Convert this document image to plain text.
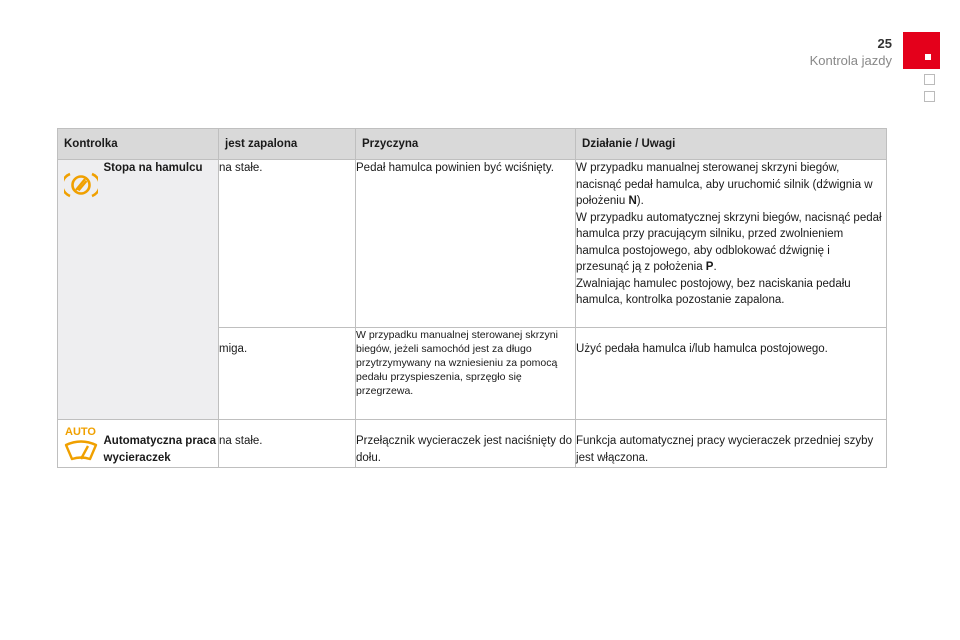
25
Kontrola jazdy
Kontrolka		jest zapalona	Przyczyna	Działanie / Uwagi

	Stopa na hamulcu	na stałe.	Pedał hamulca powinien być wciśnięty.	W przypadku manualnej sterowanej skrzyni biegów, nacisnąć pedał hamulca, aby uruchomić silnik (dźwignia w położeniu N).
W przypadku automatycznej skrzyni biegów, nacisnąć pedał hamulca przy pracującym silniku, przed zwolnieniem hamulca postojowego, aby odblokować dźwignię i przesunąć ją z położenia P.
Zwalniając hamulec postojowy, bez naciskania pedału hamulca, kontrolka pozostanie zapalona.
		miga.	W przypadku manualnej sterowanej skrzyni biegów, jeżeli samochód jest za długo przytrzymywany na wzniesieniu za pomocą pedału przyspieszenia, sprzęgło się przegrzewa.	Użyć pedała hamulca i/lub hamulca postojowego.

AUTO	Automatyczna praca wycieraczek	na stałe.	Przełącznik wycieraczek jest naciśnięty do dołu.	Funkcja automatycznej pracy wycieraczek przedniej szyby jest włączona.
